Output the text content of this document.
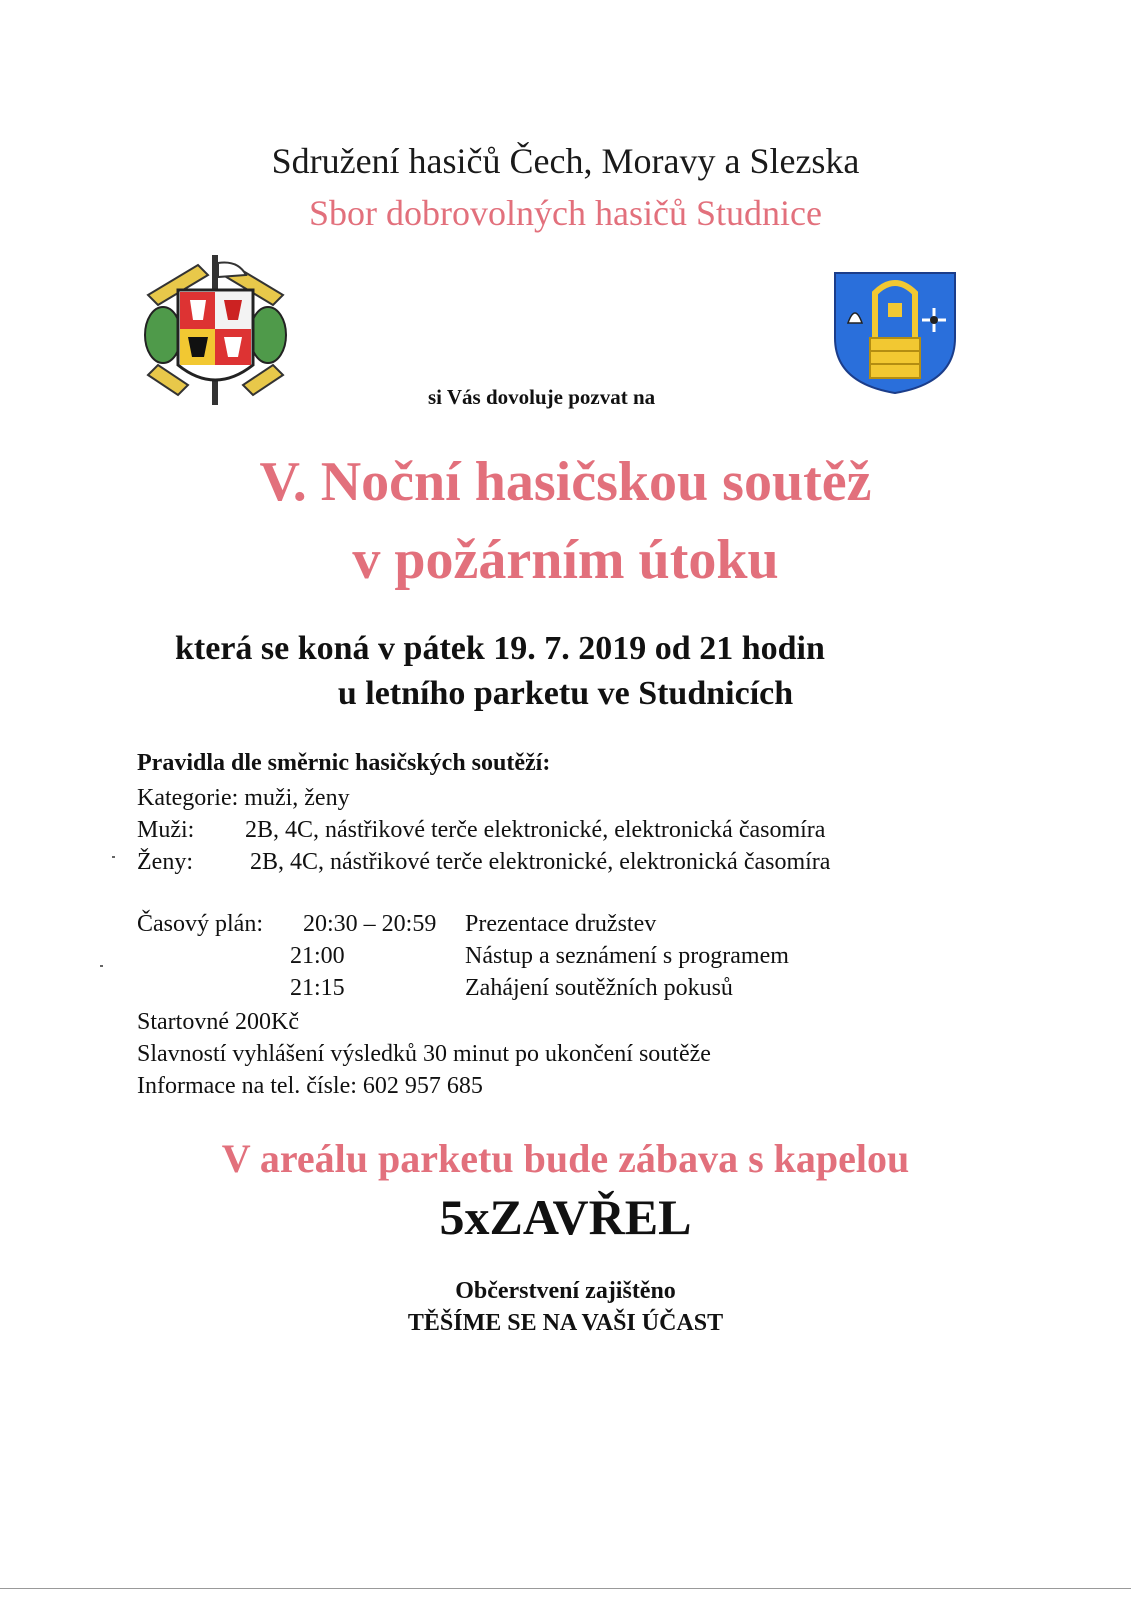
Sdružení hasičů Čech, Moravy a Slezska
Sbor dobrovolných hasičů Studnice
si Vás dovoluje pozvat na
V. Noční hasičskou soutěž
v požárním útoku
která se koná v pátek 19. 7. 2019 od 21 hodin
u letního parketu ve Studnicích
Pravidla dle směrnic hasičských soutěží:
Kategorie: muži, ženy
Muži: 2B, 4C, nástřikové terče elektronické, elektronická časomíra
Ženy: 2B, 4C, nástřikové terče elektronické, elektronická časomíra
Časový plán: 20:30 – 20:59 Prezentace družstev
21:00	Nástup a seznámení s programem
21:15	Zahájení soutěžních pokusů
Startovné 200Kč
Slavností vyhlášení výsledků 30 minut po ukončení soutěže
Informace na tel. čísle: 602 957 685
V areálu parketu bude zábava s kapelou
5xZAVŘEL
Občerstvení zajištěno
TĚŠÍME SE NA VAŠI ÚČAST
